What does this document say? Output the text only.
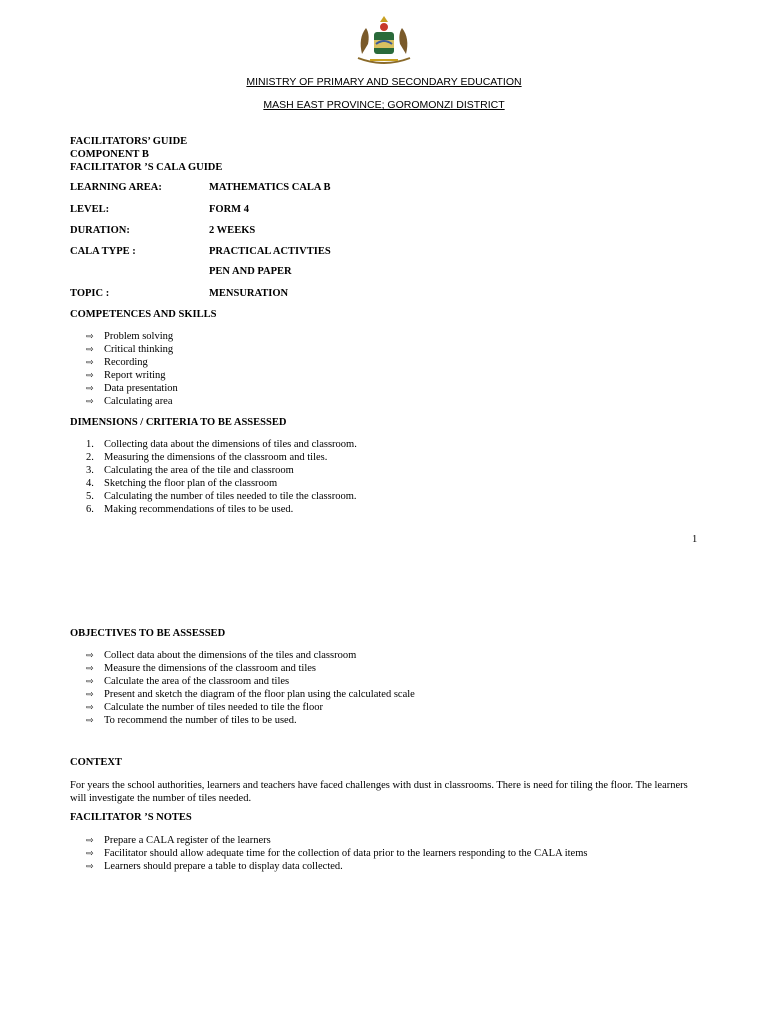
MINISTRY OF PRIMARY AND SECONDARY EDUCATION
MASH EAST PROVINCE; GOROMONZI DISTRICT
FACILITATORS’ GUIDE
COMPONENT B
FACILITATOR ’S CALA GUIDE
LEARNING AREA:	MATHEMATICS CALA B
LEVEL:	FORM 4
DURATION:	2 WEEKS
CALA TYPE :	PRACTICAL ACTIVTIES
PEN AND PAPER
TOPIC :	MENSURATION
COMPETENCES AND SKILLS
⇨ Problem solving
⇨ Critical thinking
⇨ Recording
⇨ Report writing
⇨ Data presentation
⇨ Calculating area
DIMENSIONS / CRITERIA TO BE ASSESSED
1. Collecting data about the dimensions of tiles and classroom.
2. Measuring the dimensions of the classroom and tiles.
3. Calculating the area of the tile and classroom
4. Sketching the floor plan of the classroom
5. Calculating the number of tiles needed to tile the classroom.
6. Making recommendations of tiles to be used.
1
OBJECTIVES TO BE ASSESSED
⇨ Collect data about the dimensions of the tiles and classroom
⇨ Measure the dimensions of the classroom and tiles
⇨ Calculate the area of the classroom and tiles
⇨ Present and sketch the diagram of the floor plan using the calculated scale
⇨ Calculate the number of tiles needed to tile the floor
⇨ To recommend the number of tiles to be used.
CONTEXT
For years the school authorities, learners and teachers have faced challenges with dust in classrooms. There is need for tiling the floor. The learners will investigate the number of tiles needed.
FACILITATOR ’S NOTES
⇨ Prepare a CALA register of the learners
⇨ Facilitator should allow adequate time for the collection of data prior to the learners responding to the CALA items
⇨ Learners should prepare a table to display data collected.
